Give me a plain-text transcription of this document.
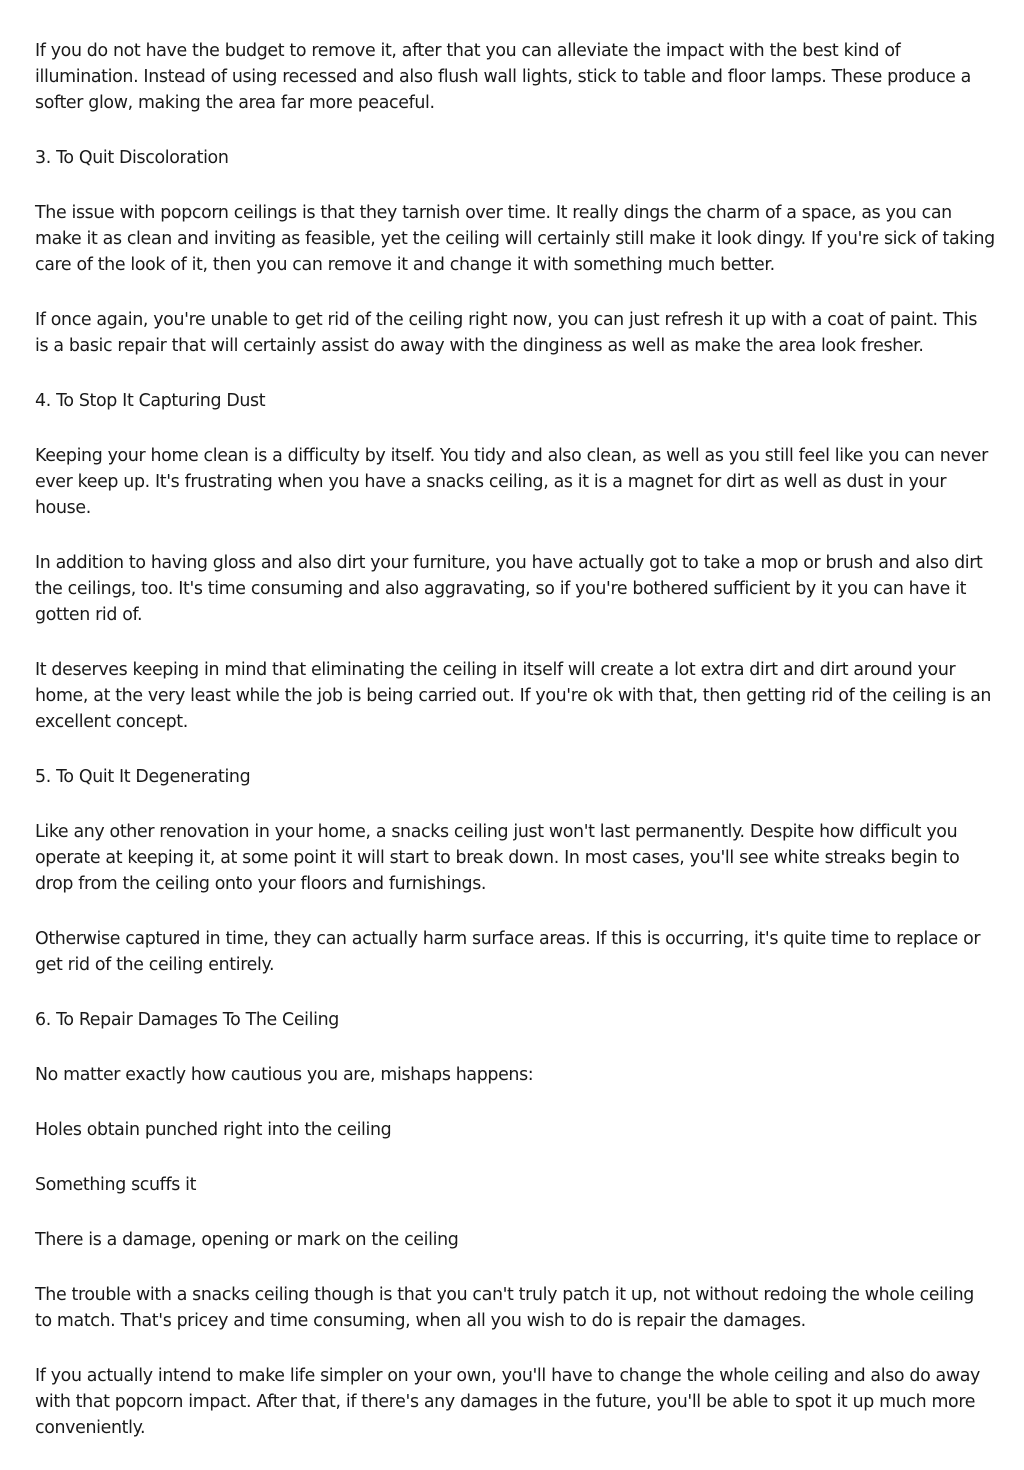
If you do not have the budget to remove it, after that you can alleviate the impact with the best kind of illumination. Instead of using recessed and also flush wall lights, stick to table and floor lamps. These produce a softer glow, making the area far more peaceful.

3. To Quit Discoloration

The issue with popcorn ceilings is that they tarnish over time. It really dings the charm of a space, as you can make it as clean and inviting as feasible, yet the ceiling will certainly still make it look dingy. If you're sick of taking care of the look of it, then you can remove it and change it with something much better.

If once again, you're unable to get rid of the ceiling right now, you can just refresh it up with a coat of paint. This is a basic repair that will certainly assist do away with the dinginess as well as make the area look fresher.

4. To Stop It Capturing Dust

Keeping your home clean is a difficulty by itself. You tidy and also clean, as well as you still feel like you can never ever keep up. It's frustrating when you have a snacks ceiling, as it is a magnet for dirt as well as dust in your house.

In addition to having gloss and also dirt your furniture, you have actually got to take a mop or brush and also dirt the ceilings, too. It's time consuming and also aggravating, so if you're bothered sufficient by it you can have it gotten rid of.

It deserves keeping in mind that eliminating the ceiling in itself will create a lot extra dirt and dirt around your home, at the very least while the job is being carried out. If you're ok with that, then getting rid of the ceiling is an excellent concept.

5. To Quit It Degenerating

Like any other renovation in your home, a snacks ceiling just won't last permanently. Despite how difficult you operate at keeping it, at some point it will start to break down. In most cases, you'll see white streaks begin to drop from the ceiling onto your floors and furnishings.

Otherwise captured in time, they can actually harm surface areas. If this is occurring, it's quite time to replace or get rid of the ceiling entirely.

6. To Repair Damages To The Ceiling

No matter exactly how cautious you are, mishaps happens:

Holes obtain punched right into the ceiling

Something scuffs it

There is a damage, opening or mark on the ceiling

The trouble with a snacks ceiling though is that you can't truly patch it up, not without redoing the whole ceiling to match. That's pricey and time consuming, when all you wish to do is repair the damages.

If you actually intend to make life simpler on your own, you'll have to change the whole ceiling and also do away with that popcorn impact. After that, if there's any damages in the future, you'll be able to spot it up much more conveniently.
